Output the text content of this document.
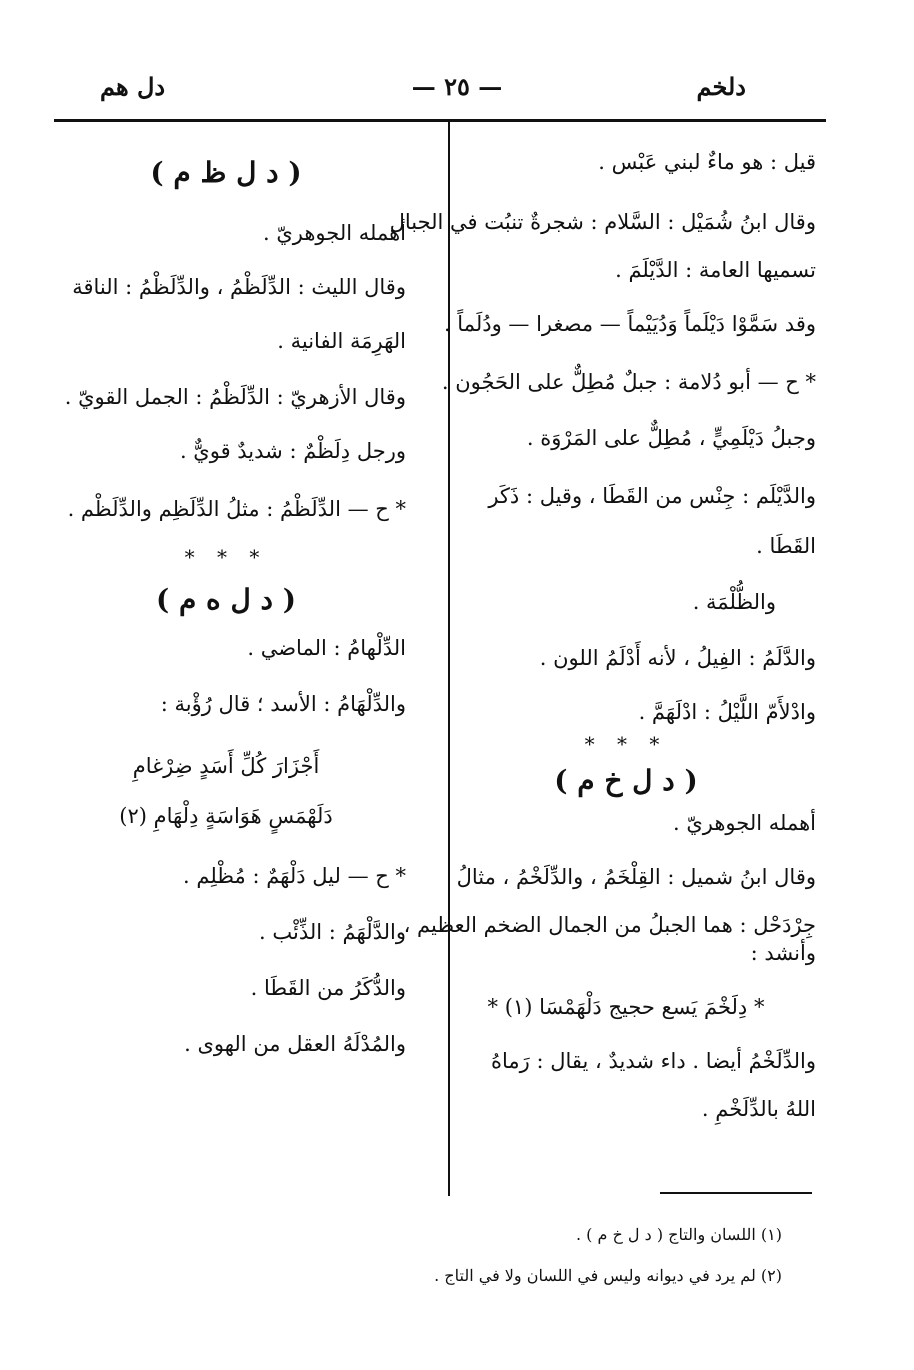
دلخم
— ٢٥ —
دل هم

قيل : هو ماءٌ لبني عَبْس .

وقال ابنُ شُمَيْل : السَّلام : شجرةٌ تنبُت في الجبال

تسميها العامة : الدَّيْلَمَ .

وقد سَمَّوْا دَيْلَماً وَدُيَيْماً — مصغرا — ودُلَماً .

* ح — أبو دُلامة : جبلٌ مُطِلٌّ على الحَجُون .

وجبلُ دَيْلَمِيٍّ ، مُطِلٌّ على المَرْوَة .

والدَّيْلَم : جِنْس من القَطَا ، وقيل : ذَكَر

القَطَا .

والظُّلْمَة .

والدَّلَمُ : الفِيلُ ، لأنه أَدْلَمُ اللون .

وادْلأَمّ اللَّيْلُ : ادْلَهَمَّ .

* * *
( د ل خ م )

أهمله الجوهريّ .

وقال ابنُ شميل : القِلْخَمُ ، والدِّلَخْمُ ، مثالُ

جِرْدَحْل : هما الجبلُ من الجمال الضخم العظيم ،

وأنشد :

* دِلَخْمَ يَسع حجيج دَلْهَمْسَا (١) *

والدِّلَخْمُ أيضا . داء شديدٌ ، يقال : رَماهُ

اللهُ بالدِّلَخْمِ .

( د ل ظ م )

أهمله الجوهريّ .

وقال الليث : الدِّلَظْمُ ، والدِّلَظْمُ : الناقة

الهَرِمَة الفانية .

وقال الأزهريّ : الدِّلَظْمُ : الجمل القويّ .

ورجل دِلَظْمٌ : شديدٌ قويٌّ .

* ح — الدِّلَظْمُ : مثلُ الدِّلَظِم والدِّلَظْم .

* * *
( د ل ه م )

الدِّلْهامُ : الماضي .

والدِّلْهَامُ : الأسد ؛ قال رُؤْبة :

أَجْزَارَ كُلِّ أَسَدٍ ضِرْغامِ

دَلَهْمَسٍ هَوَاسَةٍ دِلْهَامِ (٢)

* ح — ليل دَلْهَمٌ : مُظْلِم .

والدَّلْهَمُ : الذِّئْب .

والدُّكَرُ من القَطَا .

والمُدْلَهُ العقل من الهوى .

(١) اللسان والتاج ( د ل خ م ) .
(٢) لم يرد في ديوانه وليس في اللسان ولا في التاج .
